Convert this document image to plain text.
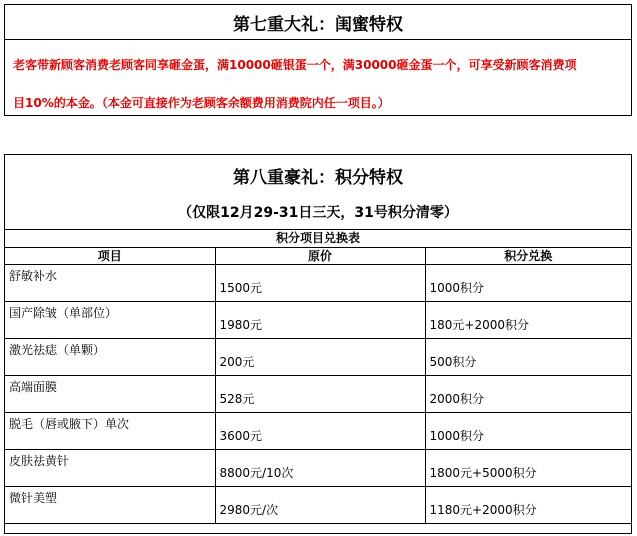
第七重大礼：闺蜜特权
老客带新顾客消费老顾客同享砸金蛋，满10000砸银蛋一个，满30000砸金蛋一个，可享受新顾客消费项
目10%的本金。（本金可直接作为老顾客余额费用消费院内任一项目。）
第八重豪礼：积分特权
（仅限12月29-31日三天，31号积分清零）
积分项目兑换表		
项目	原价	积分兑换
舒敏补水	1500元	1000积分
国产除皱（单部位）	1980元	180元+2000积分
激光祛痣（单颗）	200元	500积分
高端面膜	528元	2000积分
脱毛（唇或腋下）单次	3600元	1000积分
皮肤祛黄针	8800元/10次	1800元+5000积分
微针美塑	2980元/次	1180元+2000积分
